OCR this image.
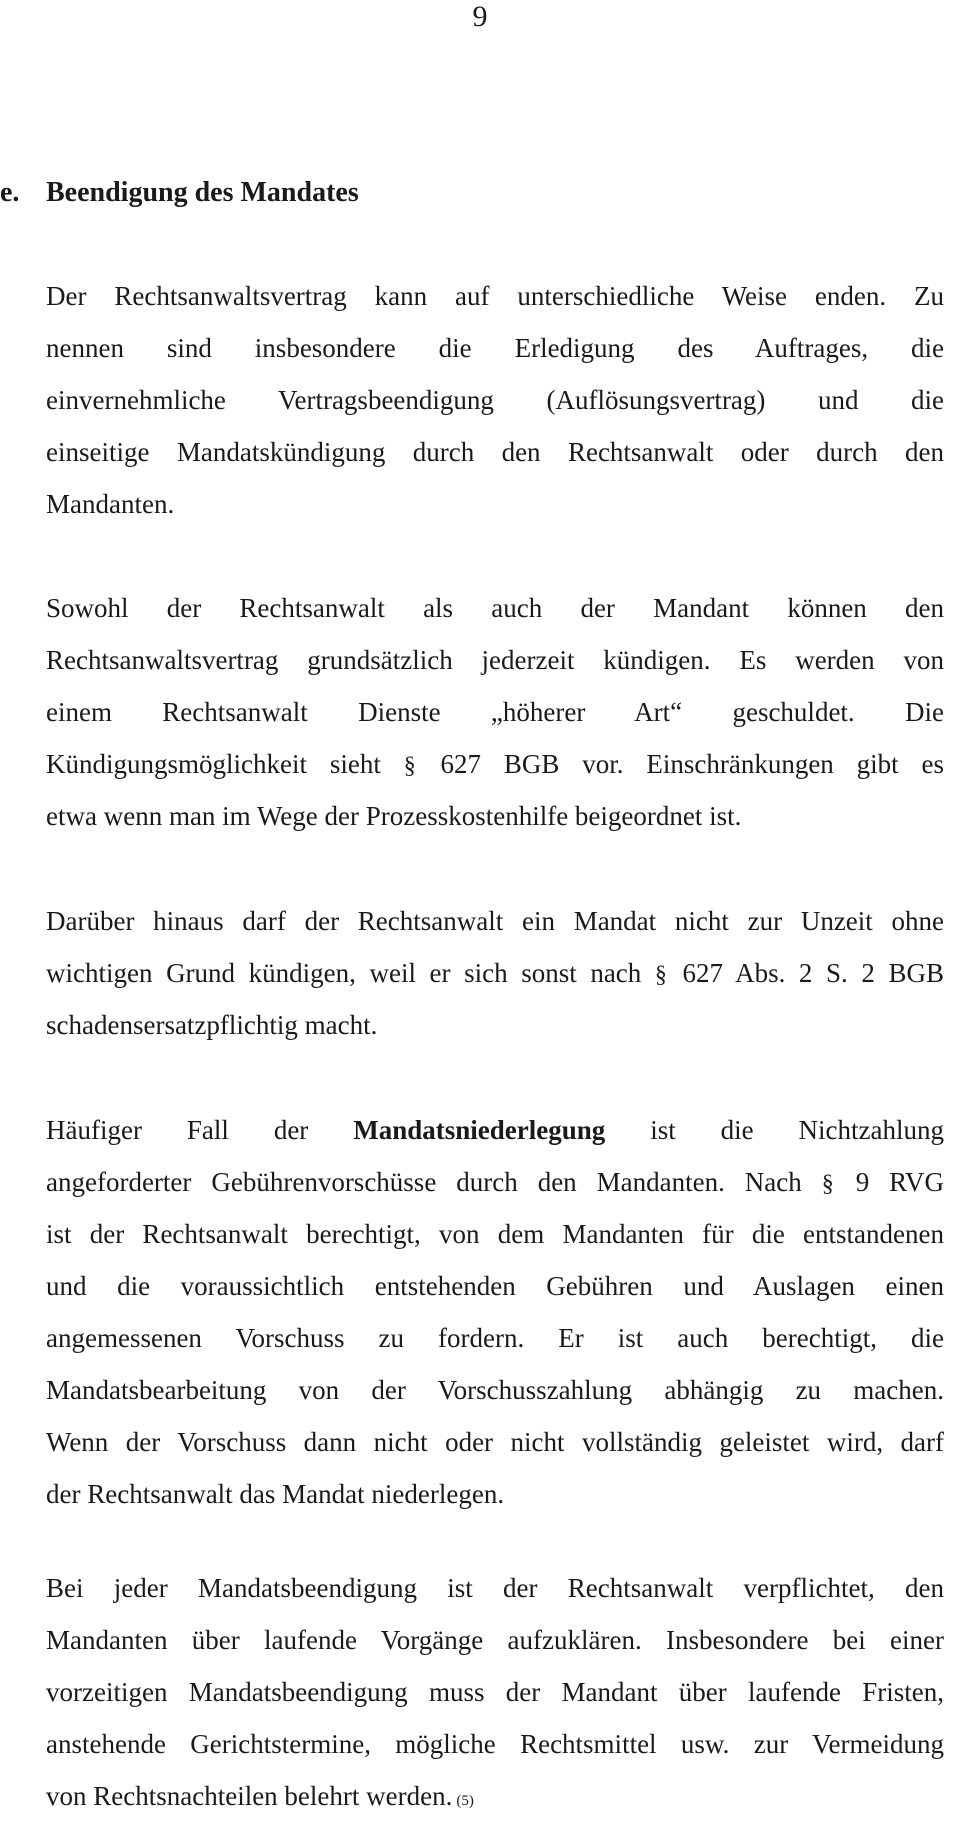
9
e. Beendigung des Mandates
Der Rechtsanwaltsvertrag kann auf unterschiedliche Weise enden. Zu
nennen sind insbesondere die Erledigung des Auftrages, die
einvernehmliche Vertragsbeendigung (Auflösungsvertrag) und die
einseitige Mandatskündigung durch den Rechtsanwalt oder durch den
Mandanten.
Sowohl der Rechtsanwalt als auch der Mandant können den
Rechtsanwaltsvertrag grundsätzlich jederzeit kündigen. Es werden von
einem Rechtsanwalt Dienste „höherer Art“ geschuldet. Die
Kündigungsmöglichkeit sieht § 627 BGB vor. Einschränkungen gibt es
etwa wenn man im Wege der Prozesskostenhilfe beigeordnet ist.
Darüber hinaus darf der Rechtsanwalt ein Mandat nicht zur Unzeit ohne
wichtigen Grund kündigen, weil er sich sonst nach § 627 Abs. 2 S. 2 BGB
schadensersatzpflichtig macht.
Häufiger Fall der Mandatsniederlegung ist die Nichtzahlung
angeforderter Gebührenvorschüsse durch den Mandanten. Nach § 9 RVG
ist der Rechtsanwalt berechtigt, von dem Mandanten für die entstandenen
und die voraussichtlich entstehenden Gebühren und Auslagen einen
angemessenen Vorschuss zu fordern. Er ist auch berechtigt, die
Mandatsbearbeitung von der Vorschusszahlung abhängig zu machen.
Wenn der Vorschuss dann nicht oder nicht vollständig geleistet wird, darf
der Rechtsanwalt das Mandat niederlegen.
Bei jeder Mandatsbeendigung ist der Rechtsanwalt verpflichtet, den
Mandanten über laufende Vorgänge aufzuklären. Insbesondere bei einer
vorzeitigen Mandatsbeendigung muss der Mandant über laufende Fristen,
anstehende Gerichtstermine, mögliche Rechtsmittel usw. zur Vermeidung
von Rechtsnachteilen belehrt werden. (5)
